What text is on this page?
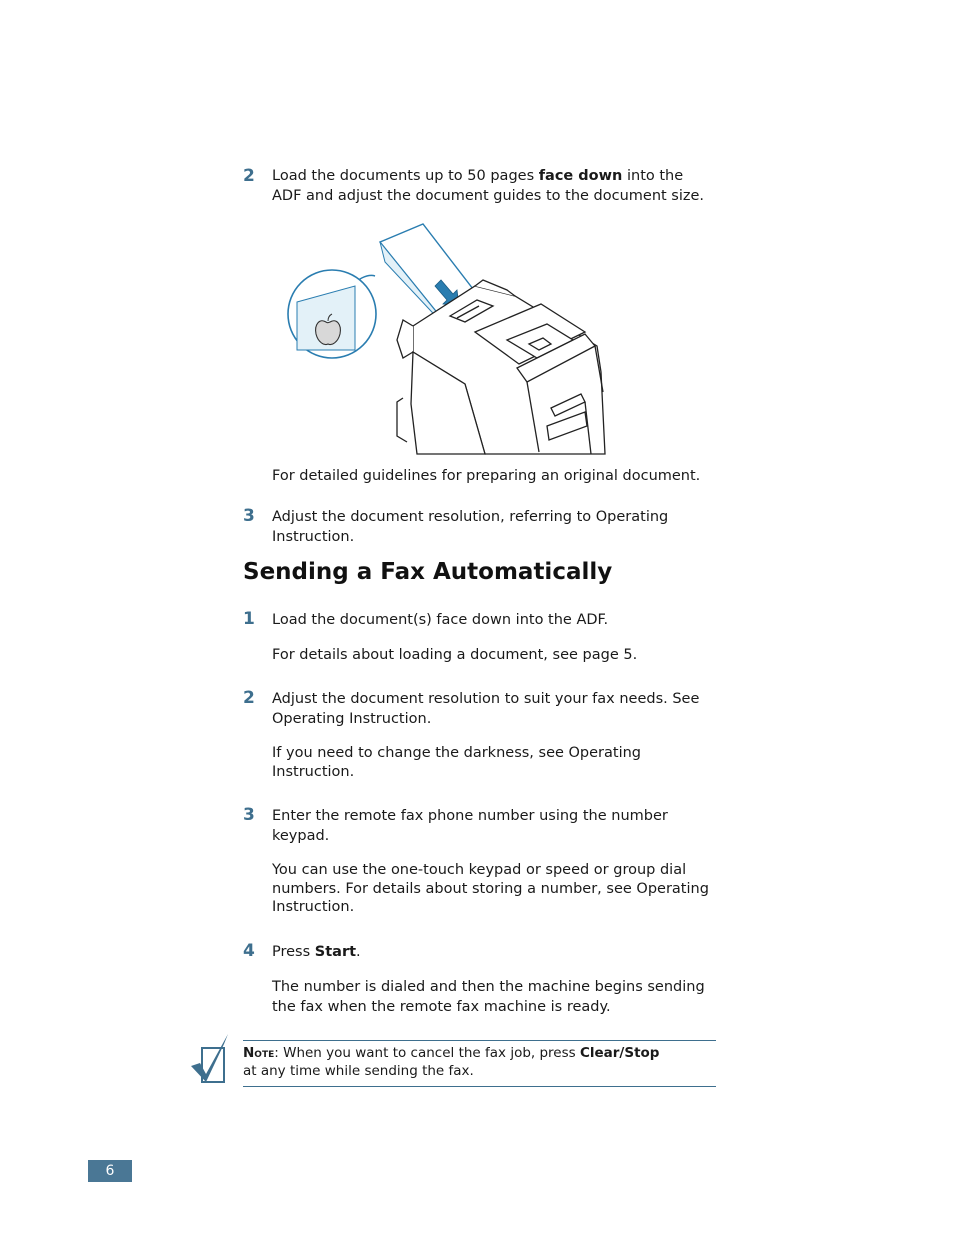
2	Load the documents up to 50 pages face down into the
ADF and adjust the document guides to the document size.
For detailed guidelines for preparing an original document.
3	Adjust the document resolution, referring to Operating
Instruction.
Sending a Fax Automatically
1	Load the document(s) face down into the ADF.
For details about loading a document, see page 5.
2	Adjust the document resolution to suit your fax needs. See
Operating Instruction.
If you need to change the darkness, see Operating
Instruction.
3	Enter the remote fax phone number using the number
keypad.
You can use the one-touch keypad or speed or group dial
numbers. For details about storing a number, see Operating
Instruction.
4	Press Start.
The number is dialed and then the machine begins sending
the fax when the remote fax machine is ready.
Note: When you want to cancel the fax job, press Clear/Stop
at any time while sending the fax.
6
